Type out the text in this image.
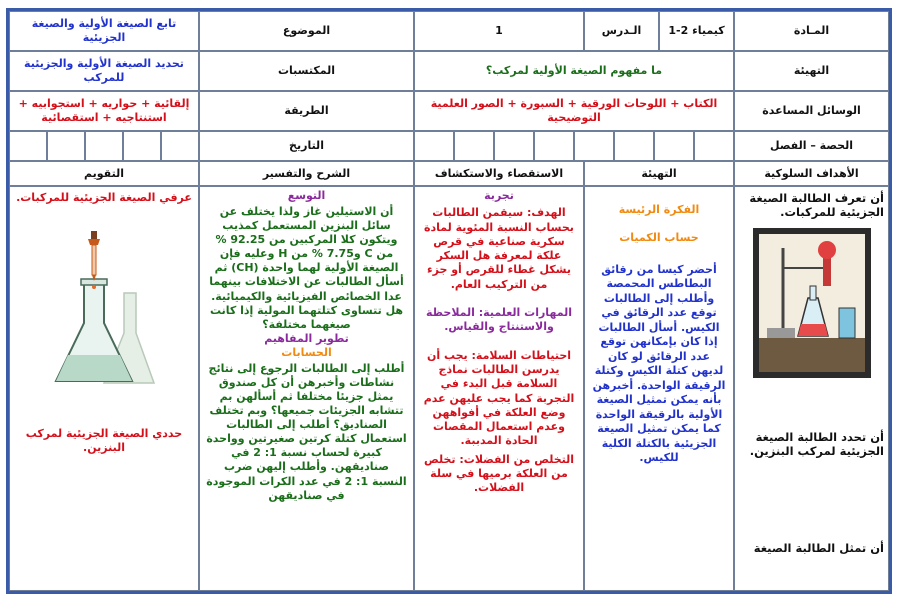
المـادة
كيمياء 2-1
الـدرس
1
الموضوع
تابع الصيغة الأولية والصيغة الجزيئية
التهيئة
ما مفهوم الصيغة الأولية لمركب؟
المكتسبات
تحديد الصيغة الأولية والجزيئية للمركب
الوسائل المساعدة
الكتاب + اللوحات الورقية + السبورة + الصور العلمية التوضيحية
الطريقة
إلقائية + حواريه + استجوابيه + استنتاجيه + استقصائية
الحصة – الفصل
التاريخ
الأهداف السلوكية
التهيئة
الاستقصاء والاستكشاف
الشرح والتفسير
التقويم

أن تعرف الطالبة الصيغة الجزيئية للمركبات.

أن تحدد الطالبة الصيغة الجزيئية لمركب البنزين.

أن تمثل الطالبة الصيغة

الفكرة الرئيسة

حساب الكميات

أحضر كيسا من رقائق البطاطس المحمصة وأطلب إلى الطالبات توقع عدد الرقائق في الكيس. أسأل الطالبات إذا كان بإمكانهن توقع عدد الرقائق لو كان لديهن كتلة الكيس وكتلة الرقيقة الواحدة. أخبرهن بأنه يمكن تمثيل الصيغة الأولية بالرقيقة الواحدة كما يمكن تمثيل الصيغة الجزيئية بالكتلة الكلية للكيس.

تجربة

الهدف: سيقمن الطالبات بحساب النسبة المئوية لمادة سكرية صناعية في قرص علكة لمعرفة هل السكر يشكل غطاء للقرص أو جزء من التركيب العام.

المهارات العلمية: الملاحظة والاستنتاج والقياس.

احتياطات السلامة: يجب أن يدرسن الطالبات نماذج السلامة قبل البدء في التجربة كما يجب عليهن عدم وضع العلكة في أفواههن وعدم استعمال المقصات الحادة المدببة.

التخلص من الفضلات: تخلص من العلكة برميها في سلة الفضلات.

التوسع

أن الاستيلين غاز ولذا يختلف عن سائل البنزين المستعمل كمذيب ويتكون كلا المركبين من 92.25 % من C و7.75 % من H وعليه فإن الصيغة الأولية لهما واحدة (CH) ثم أسأل الطالبات عن الاختلافات بينهما عدا الخصائص الفيزيائية والكيميائية. هل تتساوى كتلتهما المولية إذا كانت صيغهما مختلفة؟

تطوير المفاهيم

الحسابات

أطلب إلى الطالبات الرجوع إلى نتائج نشاطات وأخبرهن أن كل صندوق يمثل جزيئا مختلفا ثم أسألهن بم تتشابه الجزيئات جميعها؟ وبم تختلف الصناديق؟ أطلب إلى الطالبات استعمال كتلة كرتين صغيرتين وواحدة كبيرة لحساب نسبة 1: 2 في صناديقهن. وأطلب إليهن ضرب النسبة 1: 2 في عدد الكرات الموجودة في صناديقهن

عرفي الصيغة الجزيئية للمركبات.

حددي الصيغة الجزيئية لمركب البنزين.
